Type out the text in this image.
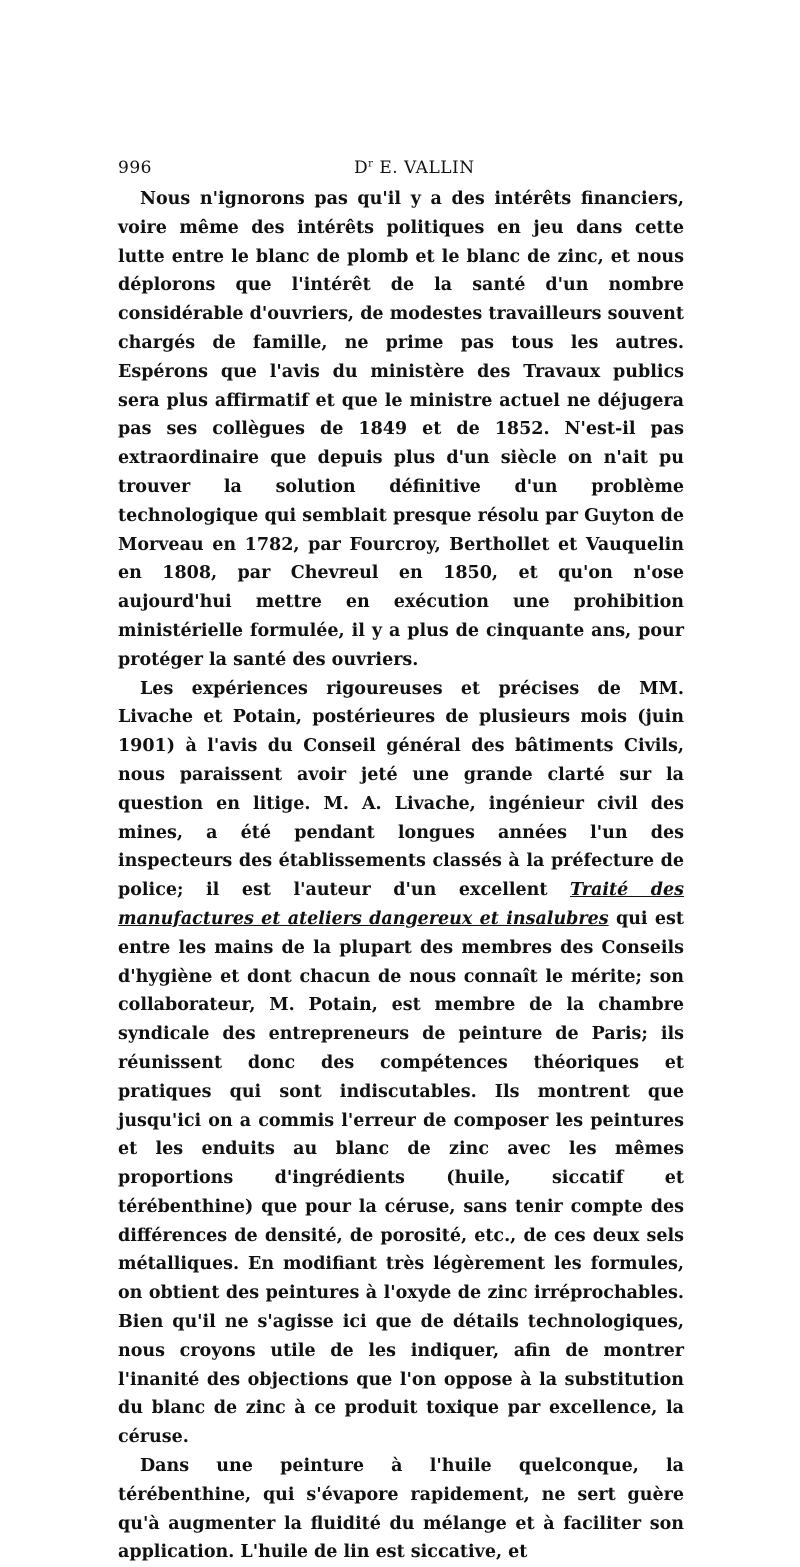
996	$D^r$ E. VALLIN

Nous n'ignorons pas qu'il y a des intérêts financiers, voire même des intérêts politiques en jeu dans cette lutte entre le blanc de plomb et le blanc de zinc, et nous déplorons que l'intérêt de la santé d'un nombre considérable d'ouvriers, de modestes travailleurs souvent chargés de famille, ne prime pas tous les autres. Espérons que l'avis du ministère des Travaux publics sera plus affirmatif et que le ministre actuel ne déjugera pas ses collègues de 1849 et de 1852. N'est-il pas extraordinaire que depuis plus d'un siècle on n'ait pu trouver la solution définitive d'un problème technologique qui semblait presque résolu par Guyton de Morveau en 1782, par Fourcroy, Berthollet et Vauquelin en 1808, par Chevreul en 1850, et qu'on n'ose aujourd'hui mettre en exécution une prohibition ministérielle formulée, il y a plus de cinquante ans, pour protéger la santé des ouvriers.

Les expériences rigoureuses et précises de MM. Livache et Potain, postérieures de plusieurs mois (juin 1901) à l'avis du Conseil général des bâtiments Civils, nous paraissent avoir jeté une grande clarté sur la question en litige. M. A. Livache, ingénieur civil des mines, a été pendant longues années l'un des inspecteurs des établissements classés à la préfecture de police; il est l'auteur d'un excellent Traité des manufactures et ateliers dangereux et insalubres qui est entre les mains de la plupart des membres des Conseils d'hygiène et dont chacun de nous connaît le mérite; son collaborateur, M. Potain, est membre de la chambre syndicale des entrepreneurs de peinture de Paris; ils réunissent donc des compétences théoriques et pratiques qui sont indiscutables. Ils montrent que jusqu'ici on a commis l'erreur de composer les peintures et les enduits au blanc de zinc avec les mêmes proportions d'ingrédients (huile, siccatif et térébenthine) que pour la céruse, sans tenir compte des différences de densité, de porosité, etc., de ces deux sels métalliques. En modifiant très légèrement les formules, on obtient des peintures à l'oxyde de zinc irréprochables. Bien qu'il ne s'agisse ici que de détails technologiques, nous croyons utile de les indiquer, afin de montrer l'inanité des objections que l'on oppose à la substitution du blanc de zinc à ce produit toxique par excellence, la céruse.

Dans une peinture à l'huile quelconque, la térébenthine, qui s'évapore rapidement, ne sert guère qu'à augmenter la fluidité du mélange et à faciliter son application. L'huile de lin est siccative, et
